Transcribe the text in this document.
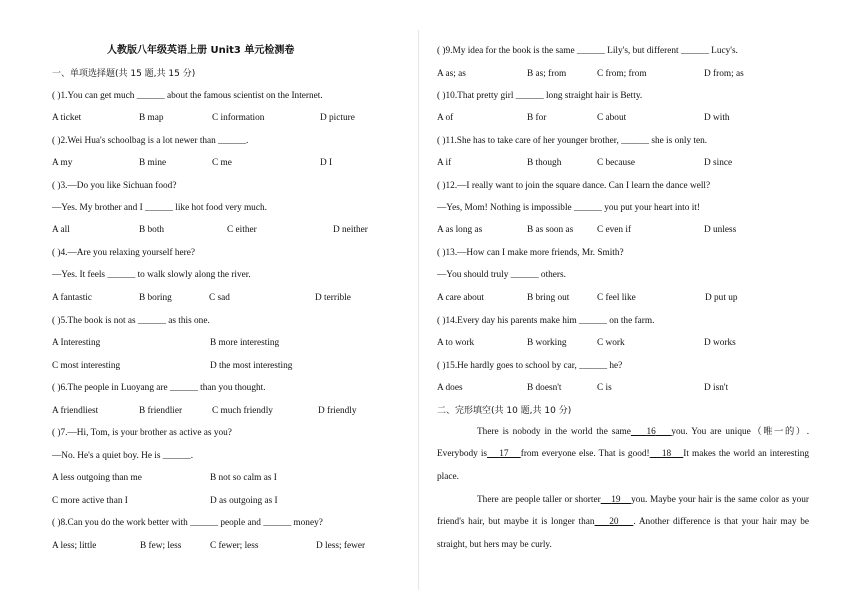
人教版八年级英语上册 Unit3 单元检测卷
一、单项选择题(共 15 题,共 15 分)
( )1.You can get much ______ about the famous scientist on the Internet.
A ticket	B map	C information	D picture
( )2.Wei Hua's schoolbag is a lot newer than ______.
A my	B mine	C me	D I
( )3.—Do you like Sichuan food?
—Yes. My brother and I ______ like hot food very much.
A all	B both	C either	D neither
( )4.—Are you relaxing yourself here?
—Yes. It feels ______ to walk slowly along the river.
A fantastic	B boring	C sad	D terrible
( )5.The book is not as ______ as this one.
A Interesting	B more interesting
C most interesting	D the most interesting
( )6.The people in Luoyang are ______ than you thought.
A friendliest	B friendlier	C much friendly	D friendly
( )7.—Hi, Tom, is your brother as active as you?
—No. He's a quiet boy. He is ______.
A less outgoing than me	B not so calm as I
C more active than I	D as outgoing as I
( )8.Can you do the work better with ______ people and ______ money?
A less; little	B few; less	C fewer; less	D less; fewer
( )9.My idea for the book is the same ______ Lily's, but different ______ Lucy's.
A as; as	B as; from	C from; from	D from; as
( )10.That pretty girl ______ long straight hair is Betty.
A of	B for	C about	D with
( )11.She has to take care of her younger brother, ______ she is only ten.
A if	B though	C because	D since
( )12.—I really want to join the square dance. Can I learn the dance well?
—Yes, Mom! Nothing is impossible ______ you put your heart into it!
A as long as	B as soon as	C even if	D unless
( )13.—How can I make more friends, Mr. Smith?
—You should truly ______ others.
A care about	B bring out	C feel like	D put up
( )14.Every day his parents make him ______ on the farm.
A to work	B working	C work	D works
( )15.He hardly goes to school by car, ______ he?
A does	B doesn't	C is	D isn't
二、完形填空(共 10 题,共 10 分)
There is nobody in the world the same 16 you. You are unique（唯一的）. Everybody is 17 from everyone else. That is good! 18 It makes the world an interesting place.
There are people taller or shorter 19 you. Maybe your hair is the same color as your friend's hair, but maybe it is longer than 20 . Another difference is that your hair may be straight, but hers may be curly.
